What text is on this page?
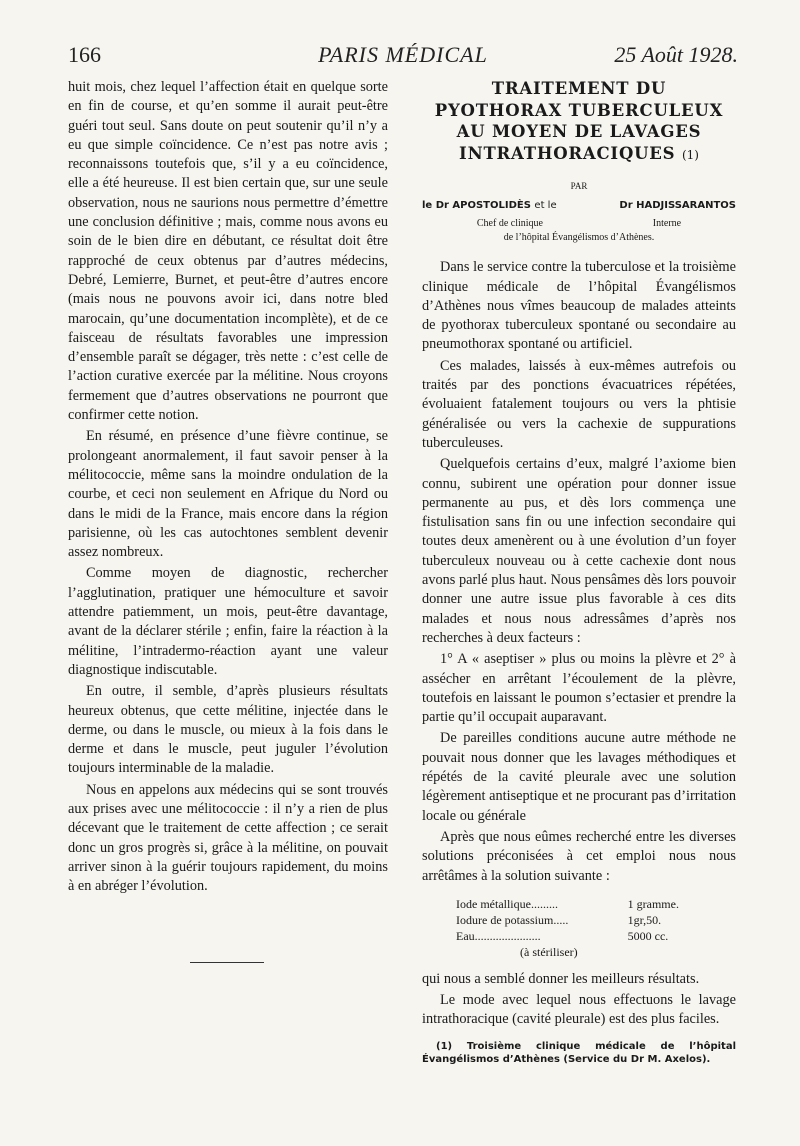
166	PARIS MÉDICAL	25 Août 1928.

huit mois, chez lequel l’affection était en quelque sorte en fin de course, et qu’en somme il aurait peut-être guéri tout seul. Sans doute on peut soutenir qu’il n’y a eu que simple coïncidence. Ce n’est pas notre avis ; reconnaissons toutefois que, s’il y a eu coïncidence, elle a été heureuse. Il est bien certain que, sur une seule observation, nous ne saurions nous permettre d’émettre une conclusion définitive ; mais, comme nous avons eu soin de le bien dire en débutant, ce résultat doit être rapproché de ceux obtenus par d’autres médecins, Debré, Lemierre, Burnet, et peut-être d’autres encore (mais nous ne pouvons avoir ici, dans notre bled marocain, qu’une documentation incomplète), et de ce faisceau de résultats favorables une impression d’ensemble paraît se dégager, très nette : c’est celle de l’action curative exercée par la mélitine. Nous croyons fermement que d’autres observations ne pourront que confirmer cette notion.

En résumé, en présence d’une fièvre continue, se prolongeant anormalement, il faut savoir penser à la mélitococcie, même sans la moindre ondulation de la courbe, et ceci non seulement en Afrique du Nord ou dans le midi de la France, mais encore dans la région parisienne, où les cas autochtones semblent devenir assez nombreux.

Comme moyen de diagnostic, rechercher l’agglutination, pratiquer une hémoculture et savoir attendre patiemment, un mois, peut-être davantage, avant de la déclarer stérile ; enfin, faire la réaction à la mélitine, l’intradermo-réaction ayant une valeur diagnostique indiscutable.

En outre, il semble, d’après plusieurs résultats heureux obtenus, que cette mélitine, injectée dans le derme, ou dans le muscle, ou mieux à la fois dans le derme et dans le muscle, peut juguler l’évolution toujours interminable de la maladie.

Nous en appelons aux médecins qui se sont trouvés aux prises avec une mélitococcie : il n’y a rien de plus décevant que le traitement de cette affection ; ce serait donc un gros progrès si, grâce à la mélitine, on pouvait arriver sinon à la guérir toujours rapidement, du moins à en abréger l’évolution.

TRAITEMENT DU
PYOTHORAX TUBERCULEUX
AU MOYEN DE LAVAGES
INTRATHORACIQUES (1)
PAR
le Dr APOSTOLIDÈS et le	Dr HADJISSARANTOS
Chef de clinique	Interne
de l’hôpital Évangélismos d’Athènes.

Dans le service contre la tuberculose et la troisième clinique médicale de l’hôpital Évangélismos d’Athènes nous vîmes beaucoup de malades atteints de pyothorax tuberculeux spontané ou secondaire au pneumothorax spontané ou artificiel.

Ces malades, laissés à eux-mêmes autrefois ou traités par des ponctions évacuatrices répétées, évoluaient fatalement toujours ou vers la phtisie généralisée ou vers la cachexie de suppurations tuberculeuses.

Quelquefois certains d’eux, malgré l’axiome bien connu, subirent une opération pour donner issue permanente au pus, et dès lors commença une fistulisation sans fin ou une infection secondaire qui toutes deux amenèrent ou à une évolution d’un foyer tuberculeux nouveau ou à cette cachexie dont nous avons parlé plus haut. Nous pensâmes dès lors pouvoir donner une autre issue plus favorable à ces dits malades et nous nous adressâmes d’après nos recherches à deux facteurs :

1° A « aseptiser » plus ou moins la plèvre et 2° à assécher en arrêtant l’écoulement de la plèvre, toutefois en laissant le poumon s’ectasier et prendre la partie qu’il occupait auparavant.

De pareilles conditions aucune autre méthode ne pouvait nous donner que les lavages méthodiques et répétés de la cavité pleurale avec une solution légèrement antiseptique et ne procurant pas d’irritation locale ou générale

Après que nous eûmes recherché entre les diverses solutions préconisées à cet emploi nous nous arrêtâmes à la solution suivante :

Iode métallique.........	1 gramme.
Iodure de potassium.....	1gr,50.
Eau......................	5000 cc.
(à stériliser)

qui nous a semblé donner les meilleurs résultats.

Le mode avec lequel nous effectuons le lavage intrathoracique (cavité pleurale) est des plus faciles.

(1) Troisième clinique médicale de l’hôpital Évangélismos d’Athènes (Service du Dr M. Axelos).
